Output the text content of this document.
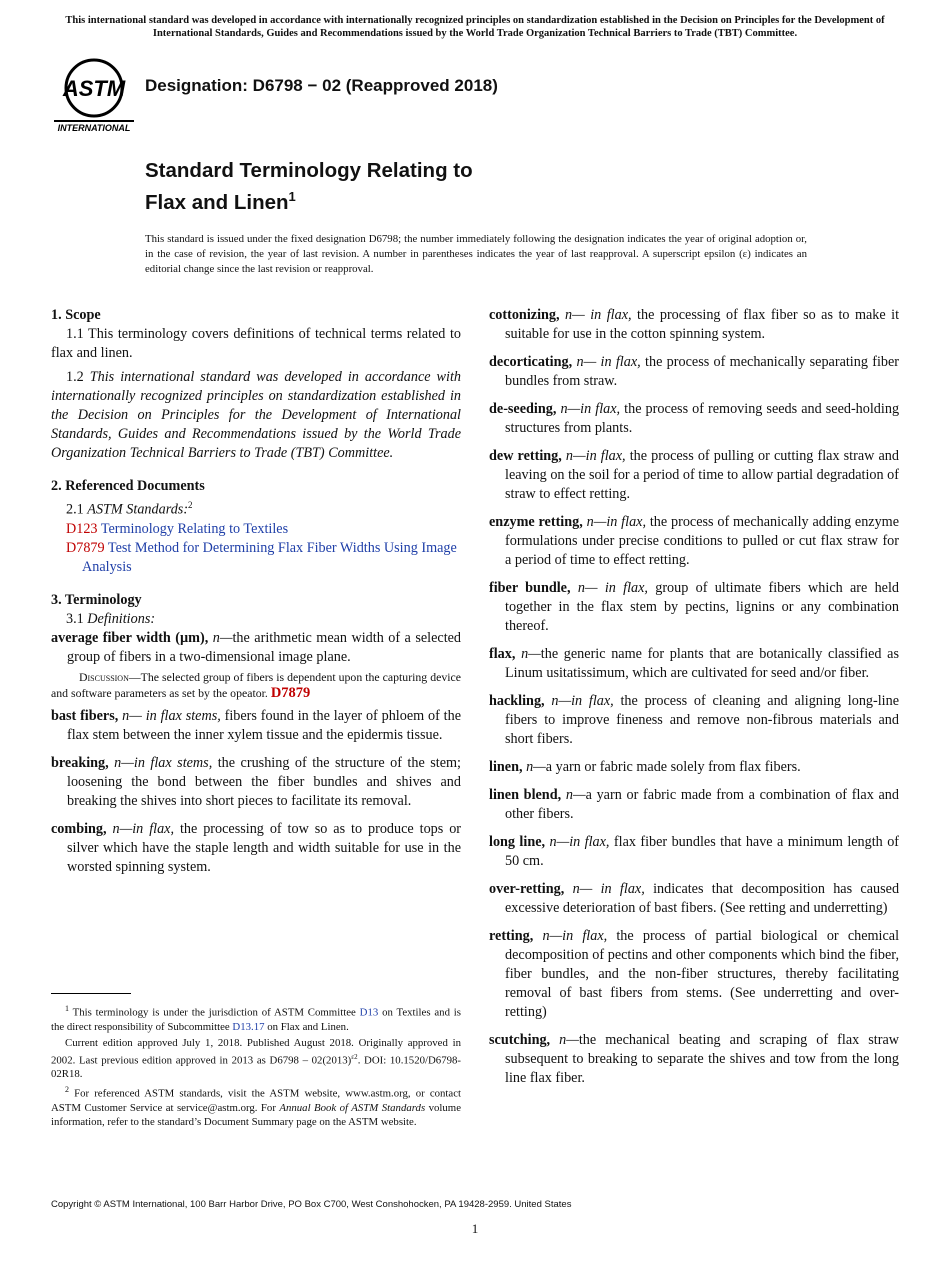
This international standard was developed in accordance with internationally recognized principles on standardization established in the Decision on Principles for the Development of International Standards, Guides and Recommendations issued by the World Trade Organization Technical Barriers to Trade (TBT) Committee.
ASTM
INTERNATIONAL
Designation: D6798 − 02 (Reapproved 2018)
Standard Terminology Relating to
Flax and Linen$^1$
This standard is issued under the fixed designation D6798; the number immediately following the designation indicates the year of original adoption or, in the case of revision, the year of last revision. A number in parentheses indicates the year of last reapproval. A superscript epsilon (ε) indicates an editorial change since the last revision or reapproval.

1. Scope

1.1 This terminology covers definitions of technical terms related to flax and linen.

1.2 This international standard was developed in accordance with internationally recognized principles on standardization established in the Decision on Principles for the Development of International Standards, Guides and Recommendations issued by the World Trade Organization Technical Barriers to Trade (TBT) Committee.

2. Referenced Documents

2.1 ASTM Standards:$^2$

D123 Terminology Relating to Textiles

D7879 Test Method for Determining Flax Fiber Widths Using Image Analysis

3. Terminology

3.1 Definitions:

average fiber width (µm), n—the arithmetic mean width of a selected group of fibers in a two-dimensional image plane.

Discussion—The selected group of fibers is dependent upon the capturing device and software parameters as set by the opeator. D7879

bast fibers, n— in flax stems, fibers found in the layer of phloem of the flax stem between the inner xylem tissue and the epidermis tissue.

breaking, n—in flax stems, the crushing of the structure of the stem; loosening the bond between the fiber bundles and shives and breaking the shives into short pieces to facilitate its removal.

combing, n—in flax, the processing of tow so as to produce tops or silver which have the staple length and width suitable for use in the worsted spinning system.

cottonizing, n— in flax, the processing of flax fiber so as to make it suitable for use in the cotton spinning system.

decorticating, n— in flax, the process of mechanically separating fiber bundles from straw.

de-seeding, n—in flax, the process of removing seeds and seed-holding structures from plants.

dew retting, n—in flax, the process of pulling or cutting flax straw and leaving on the soil for a period of time to allow partial degradation of straw to effect retting.

enzyme retting, n—in flax, the process of mechanically adding enzyme formulations under precise conditions to pulled or cut flax straw for a period of time to effect retting.

fiber bundle, n— in flax, group of ultimate fibers which are held together in the flax stem by pectins, lignins or any combination thereof.

flax, n—the generic name for plants that are botanically classified as Linum usitatissimum, which are cultivated for seed and/or fiber.

hackling, n—in flax, the process of cleaning and aligning long-line fibers to improve fineness and remove non-fibrous materials and short fibers.

linen, n—a yarn or fabric made solely from flax fibers.

linen blend, n—a yarn or fabric made from a combination of flax and other fibers.

long line, n—in flax, flax fiber bundles that have a minimum length of 50 cm.

over-retting, n— in flax, indicates that decomposition has caused excessive deterioration of bast fibers. (See retting and underretting)

retting, n—in flax, the process of partial biological or chemical decomposition of pectins and other components which bind the fiber, fiber bundles, and the non-fiber structures, thereby facilitating removal of bast fibers from stems. (See underretting and over-retting)

scutching, n—the mechanical beating and scraping of flax straw subsequent to breaking to separate the shives and tow from the long line flax fiber.

$^1$ This terminology is under the jurisdiction of ASTM Committee D13 on Textiles and is the direct responsibility of Subcommittee D13.17 on Flax and Linen.

Current edition approved July 1, 2018. Published August 2018. Originally approved in 2002. Last previous edition approved in 2013 as $D6798 - 02(2013)^{\varepsilon 2}$. DOI: 10.1520/D6798-02R18.

$^2$ For referenced ASTM standards, visit the ASTM website, www.astm.org, or contact ASTM Customer Service at service@astm.org. For Annual Book of ASTM Standards volume information, refer to the standard’s Document Summary page on the ASTM website.

Copyright © ASTM International, 100 Barr Harbor Drive, PO Box C700, West Conshohocken, PA 19428-2959. United States
1
